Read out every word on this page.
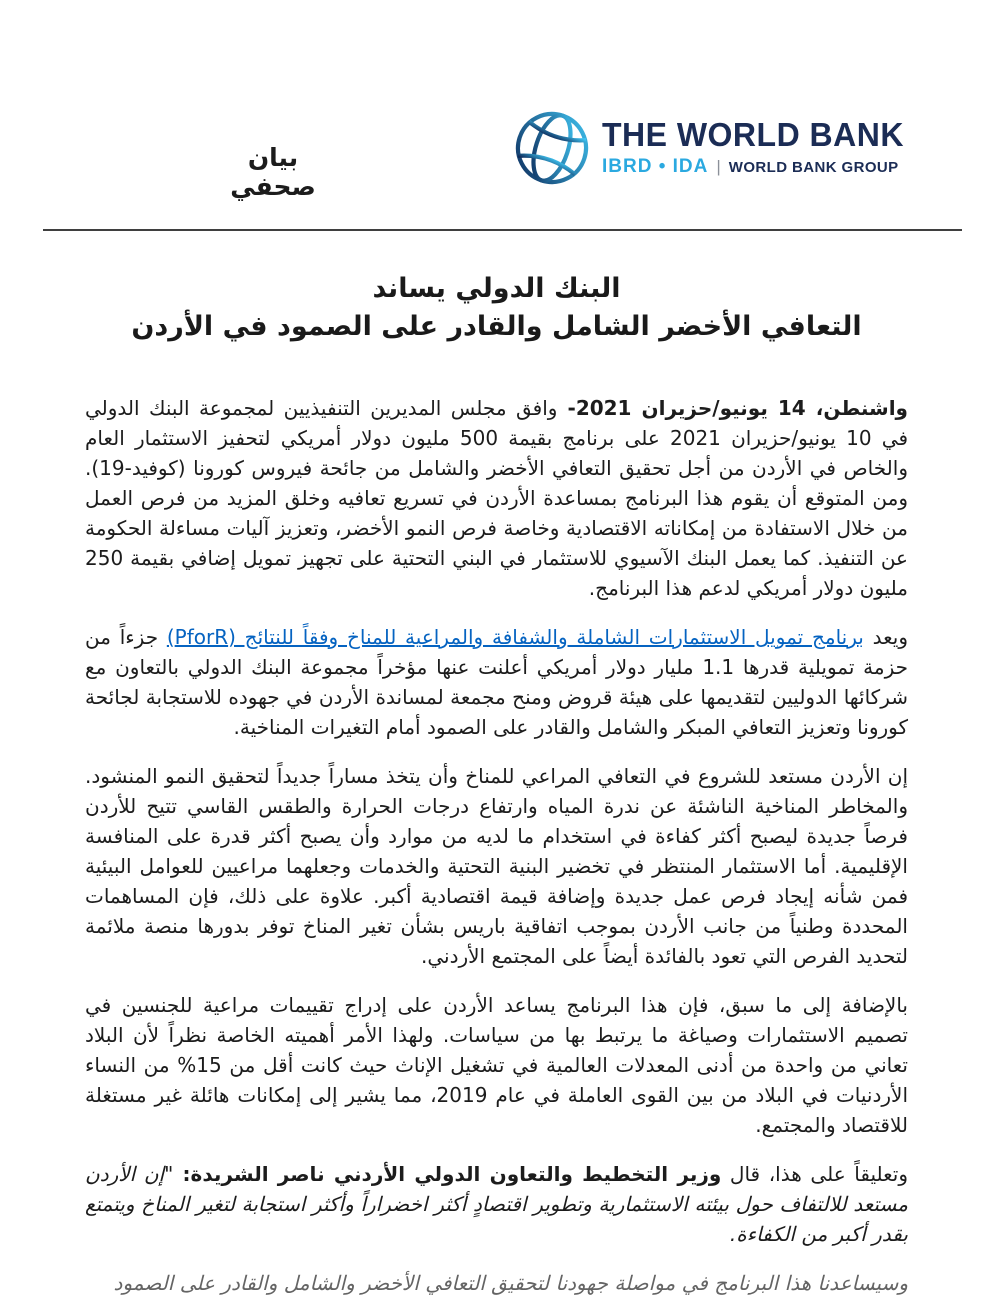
بيان صحفي
THE WORLD BANK
IBRD • IDA | WORLD BANK GROUP
البنك الدولي يساند
التعافي الأخضر الشامل والقادر على الصمود في الأردن

واشنطن، 14 يونيو/حزيران 2021- وافق مجلس المديرين التنفيذيين لمجموعة البنك الدولي في 10 يونيو/حزيران 2021 على برنامج بقيمة 500 مليون دولار أمريكي لتحفيز الاستثمار العام والخاص في الأردن من أجل تحقيق التعافي الأخضر والشامل من جائحة فيروس كورونا (كوفيد-19). ومن المتوقع أن يقوم هذا البرنامج بمساعدة الأردن في تسريع تعافيه وخلق المزيد من فرص العمل من خلال الاستفادة من إمكاناته الاقتصادية وخاصة فرص النمو الأخضر، وتعزيز آليات مساءلة الحكومة عن التنفيذ. كما يعمل البنك الآسيوي للاستثمار في البني التحتية على تجهيز تمويل إضافي بقيمة 250 مليون دولار أمريكي لدعم هذا البرنامج.

ويعد برنامج تمويل الاستثمارات الشاملة والشفافة والمراعية للمناخ وفقاً للنتائج (PforR) جزءاً من حزمة تمويلية قدرها 1.1 مليار دولار أمريكي أعلنت عنها مؤخراً مجموعة البنك الدولي بالتعاون مع شركائها الدوليين لتقديمها على هيئة قروض ومنح مجمعة لمساندة الأردن في جهوده للاستجابة لجائحة كورونا وتعزيز التعافي المبكر والشامل والقادر على الصمود أمام التغيرات المناخية.

إن الأردن مستعد للشروع في التعافي المراعي للمناخ وأن يتخذ مساراً جديداً لتحقيق النمو المنشود. والمخاطر المناخية الناشئة عن ندرة المياه وارتفاع درجات الحرارة والطقس القاسي تتيح للأردن فرصاً جديدة ليصبح أكثر كفاءة في استخدام ما لديه من موارد وأن يصبح أكثر قدرة على المنافسة الإقليمية. أما الاستثمار المنتظر في تخضير البنية التحتية والخدمات وجعلهما مراعيين للعوامل البيئية فمن شأنه إيجاد فرص عمل جديدة وإضافة قيمة اقتصادية أكبر. علاوة على ذلك، فإن المساهمات المحددة وطنياً من جانب الأردن بموجب اتفاقية باريس بشأن تغير المناخ توفر بدورها منصة ملائمة لتحديد الفرص التي تعود بالفائدة أيضاً على المجتمع الأردني.

بالإضافة إلى ما سبق، فإن هذا البرنامج يساعد الأردن على إدراج تقييمات مراعية للجنسين في تصميم الاستثمارات وصياغة ما يرتبط بها من سياسات. ولهذا الأمر أهميته الخاصة نظراً لأن البلاد تعاني من واحدة من أدنى المعدلات العالمية في تشغيل الإناث حيث كانت أقل من 15% من النساء الأردنيات في البلاد من بين القوى العاملة في عام 2019، مما يشير إلى إمكانات هائلة غير مستغلة للاقتصاد والمجتمع.

وتعليقاً على هذا، قال وزير التخطيط والتعاون الدولي الأردني ناصر الشريدة: "إن الأردن مستعد للالتفاف حول بيئته الاستثمارية وتطوير اقتصادٍ أكثر اخضراراً وأكثر استجابة لتغير المناخ ويتمتع بقدر أكبر من الكفاءة.

وسيساعدنا هذا البرنامج في مواصلة جهودنا لتحقيق التعافي الأخضر والشامل والقادر على الصمود
